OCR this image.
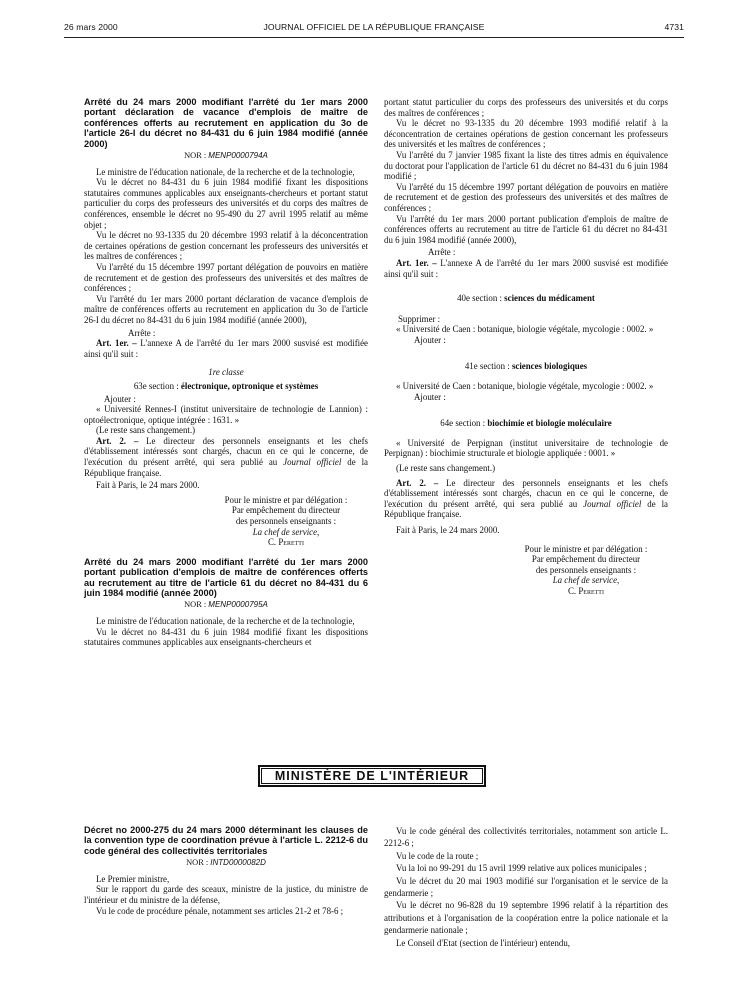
26 mars 2000	JOURNAL OFFICIEL DE LA RÉPUBLIQUE FRANÇAISE	4731
Arrêté du 24 mars 2000 modifiant l'arrêté du 1er mars 2000 portant déclaration de vacance d'emplois de maître de conférences offerts au recrutement en application du 3o de l'article 26-I du décret no 84-431 du 6 juin 1984 modifié (année 2000)
NOR : MENP0000794A

Le ministre de l'éducation nationale, de la recherche et de la technologie,

Vu le décret no 84-431 du 6 juin 1984 modifié fixant les dispositions statutaires communes applicables aux enseignants-chercheurs et portant statut particulier du corps des professeurs des universités et du corps des maîtres de conférences, ensemble le décret no 95-490 du 27 avril 1995 relatif au même objet ;

Vu le décret no 93-1335 du 20 décembre 1993 relatif à la déconcentration de certaines opérations de gestion concernant les professeurs des universités et les maîtres de conférences ;

Vu l'arrêté du 15 décembre 1997 portant délégation de pouvoirs en matière de recrutement et de gestion des professeurs des universités et des maîtres de conférences ;

Vu l'arrêté du 1er mars 2000 portant déclaration de vacance d'emplois de maître de conférences offerts au recrutement en application du 3o de l'article 26-I du décret no 84-431 du 6 juin 1984 modifié (année 2000),

Arrête :

Art. 1er. – L'annexe A de l'arrêté du 1er mars 2000 susvisé est modifiée ainsi qu'il suit :

1re classe

63e section : électronique, optronique et systèmes

Ajouter :

« Université Rennes-I (institut universitaire de technologie de Lannion) : optoélectronique, optique intégrée : 1631. »

(Le reste sans changement.)

Art. 2. – Le directeur des personnels enseignants et les chefs d'établissement intéressés sont chargés, chacun en ce qui le concerne, de l'exécution du présent arrêté, qui sera publié au Journal officiel de la République française.

Fait à Paris, le 24 mars 2000.

Pour le ministre et par délégation :

Par empêchement du directeur

des personnels enseignants :

La chef de service,

C. Peretti

Arrêté du 24 mars 2000 modifiant l'arrêté du 1er mars 2000 portant publication d'emplois de maître de conférences offerts au recrutement au titre de l'article 61 du décret no 84-431 du 6 juin 1984 modifié (année 2000)
NOR : MENP0000795A

Le ministre de l'éducation nationale, de la recherche et de la technologie,

Vu le décret no 84-431 du 6 juin 1984 modifié fixant les dispositions statutaires communes applicables aux enseignants-chercheurs et

portant statut particulier du corps des professeurs des universités et du corps des maîtres de conférences ;

Vu le décret no 93-1335 du 20 décembre 1993 modifié relatif à la déconcentration de certaines opérations de gestion concernant les professeurs des universités et les maîtres de conférences ;

Vu l'arrêté du 7 janvier 1985 fixant la liste des titres admis en équivalence du doctorat pour l'application de l'article 61 du décret no 84-431 du 6 juin 1984 modifié ;

Vu l'arrêté du 15 décembre 1997 portant délégation de pouvoirs en matière de recrutement et de gestion des professeurs des universités et des maîtres de conférences ;

Vu l'arrêté du 1er mars 2000 portant publication d'emplois de maître de conférences offerts au recrutement au titre de l'article 61 du décret no 84-431 du 6 juin 1984 modifié (année 2000),

Arrête :

Art. 1er. – L'annexe A de l'arrêté du 1er mars 2000 susvisé est modifiée ainsi qu'il suit :

40e section : sciences du médicament

Supprimer :

« Université de Caen : botanique, biologie végétale, mycologie : 0002. »

Ajouter :

41e section : sciences biologiques

« Université de Caen : botanique, biologie végétale, mycologie : 0002. »

Ajouter :

64e section : biochimie et biologie moléculaire

« Université de Perpignan (institut universitaire de technologie de Perpignan) : biochimie structurale et biologie appliquée : 0001. »

(Le reste sans changement.)

Art. 2. – Le directeur des personnels enseignants et les chefs d'établissement intéressés sont chargés, chacun en ce qui le concerne, de l'exécution du présent arrêté, qui sera publié au Journal officiel de la République française.

Fait à Paris, le 24 mars 2000.

Pour le ministre et par délégation :

Par empêchement du directeur

des personnels enseignants :

La chef de service,

C. Peretti

MINISTÈRE DE L'INTÉRIEUR
Décret no 2000-275 du 24 mars 2000 déterminant les clauses de la convention type de coordination prévue à l'article L. 2212-6 du code général des collectivités territoriales
NOR : INTD0000082D

Le Premier ministre,

Sur le rapport du garde des sceaux, ministre de la justice, du ministre de l'intérieur et du ministre de la défense,

Vu le code de procédure pénale, notamment ses articles 21-2 et 78-6 ;

Vu le code général des collectivités territoriales, notamment son article L. 2212-6 ;

Vu le code de la route ;

Vu la loi no 99-291 du 15 avril 1999 relative aux polices municipales ;

Vu le décret du 20 mai 1903 modifié sur l'organisation et le service de la gendarmerie ;

Vu le décret no 96-828 du 19 septembre 1996 relatif à la répartition des attributions et à l'organisation de la coopération entre la police nationale et la gendarmerie nationale ;

Le Conseil d'Etat (section de l'intérieur) entendu,
